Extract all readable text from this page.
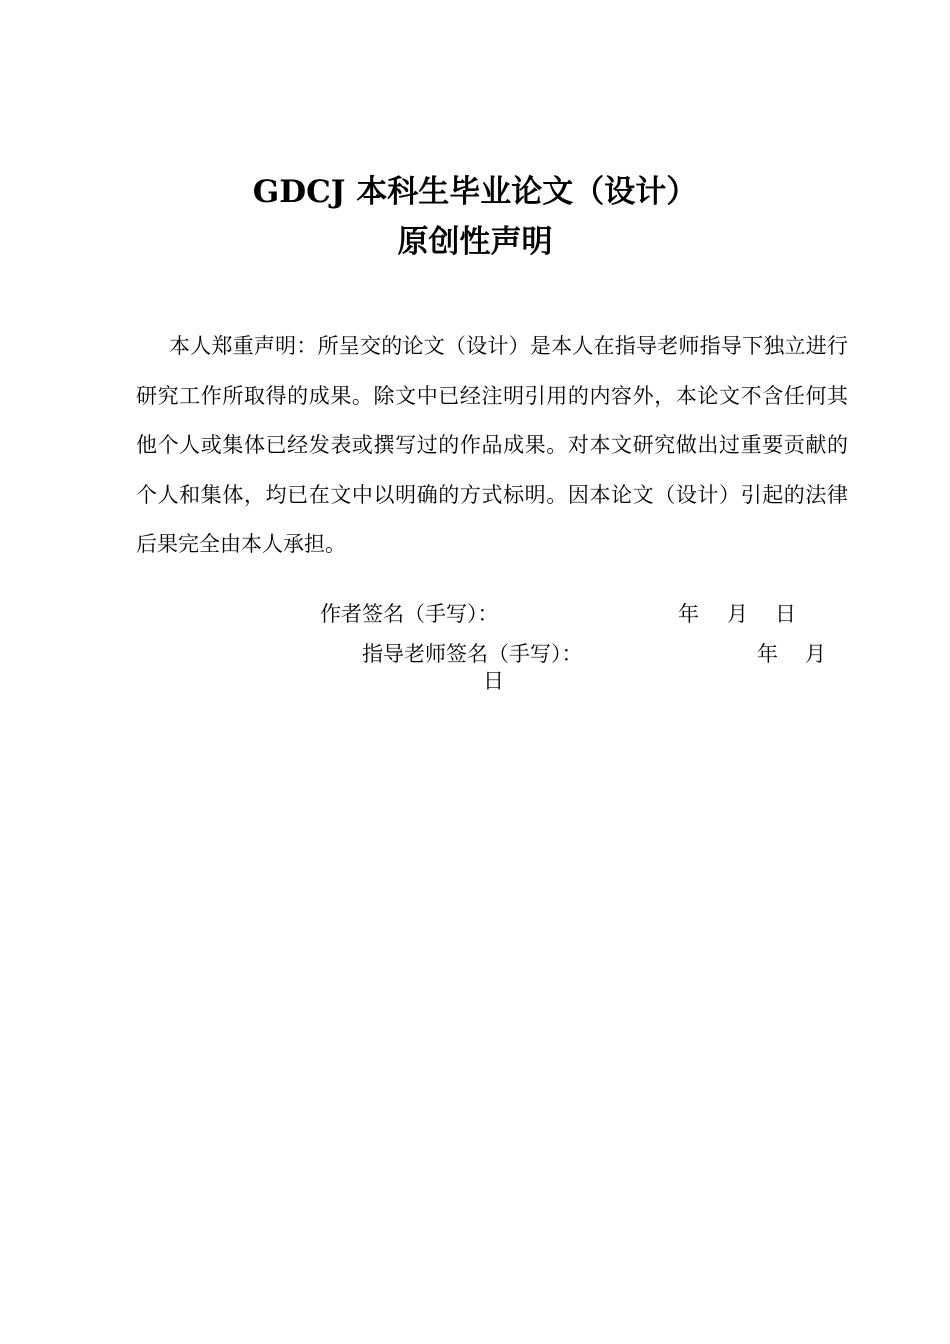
GDCJ 本科生毕业论文（设计）
原创性声明

本人郑重声明：所呈交的论文（设计）是本人在指导老师指导下独立进行研究工作所取得的成果。除文中已经注明引用的内容外，本论文不含任何其他个人或集体已经发表或撰写过的作品成果。对本文研究做出过重要贡献的个人和集体，均已在文中以明确的方式标明。因本论文（设计）引起的法律后果完全由本人承担。

作者签名（手写）：	年 月 日
指导老师签名（手写）：	年 月
日
